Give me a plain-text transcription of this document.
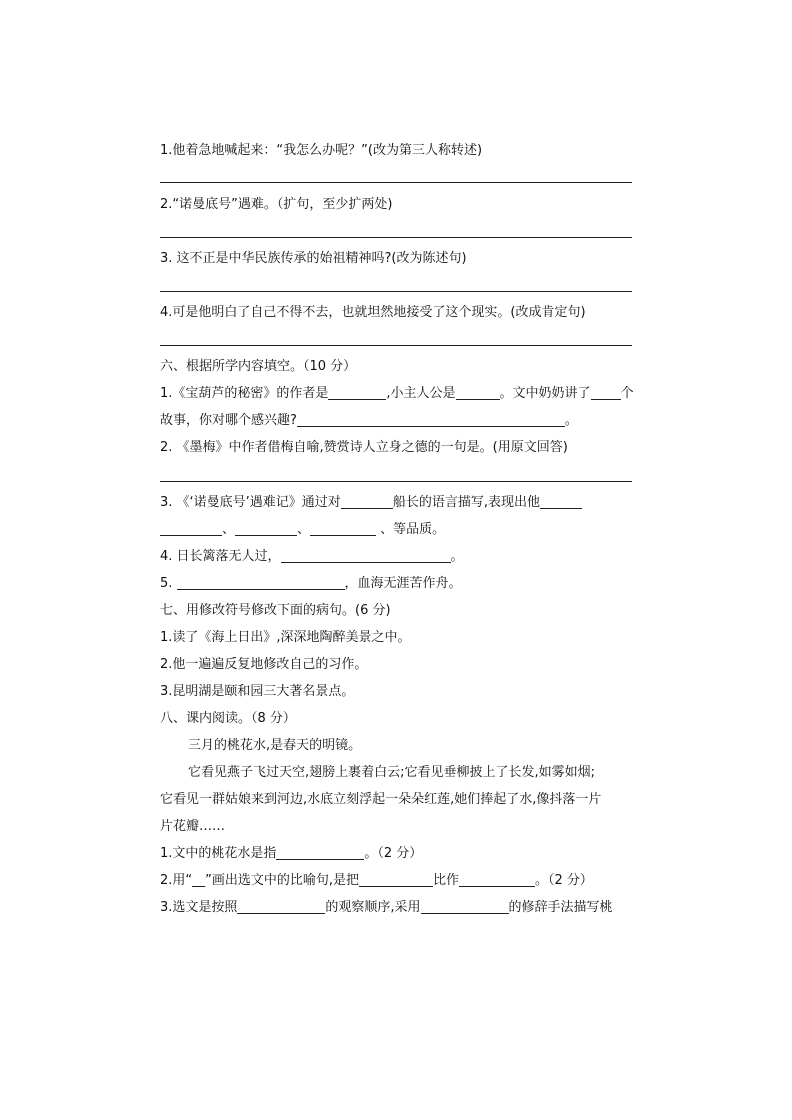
1.他着急地喊起来：“我怎么办呢？”(改为第三人称转述)
2.“诺曼底号”遇难。（扩句，至少扩两处)
3. 这不正是中华民族传承的始祖精神吗?(改为陈述句)
4.可是他明白了自己不得不去，也就坦然地接受了这个现实。(改成肯定句)
六、根据所学内容填空。（10 分）
1.《宝葫芦的秘密》的作者是	,小主人公是	。文中奶奶讲了 个
故事，你对哪个感兴趣?	。
2. 《墨梅》中作者借梅自喻,赞赏诗人立身之德的一句是。(用原文回答)
3. 《‘诺曼底号’遇难记》通过对	船长的语言描写,表现出他
、	、	、等品质。
4. 日长篱落无人过，	。
5.	，血海无涯苦作舟。
七、用修改符号修改下面的病句。(6 分)
1.读了《海上日出》,深深地陶醉美景之中。
2.他一遍遍反复地修改自己的习作。
3.昆明湖是颐和园三大著名景点。
八、课内阅读。（8 分）
三月的桃花水,是春天的明镜。
它看见燕子飞过天空,翅膀上裹着白云;它看见垂柳披上了长发,如雾如烟;
它看见一群姑娘来到河边,水底立刻浮起一朵朵红莲,她们捧起了水,像抖落一片
片花瓣……
1.文中的桃花水是指	。（2 分）
2.用“__”画出选文中的比喻句,是把	比作	。（2 分）
3.选文是按照	的观察顺序,采用	的修辞手法描写桃
